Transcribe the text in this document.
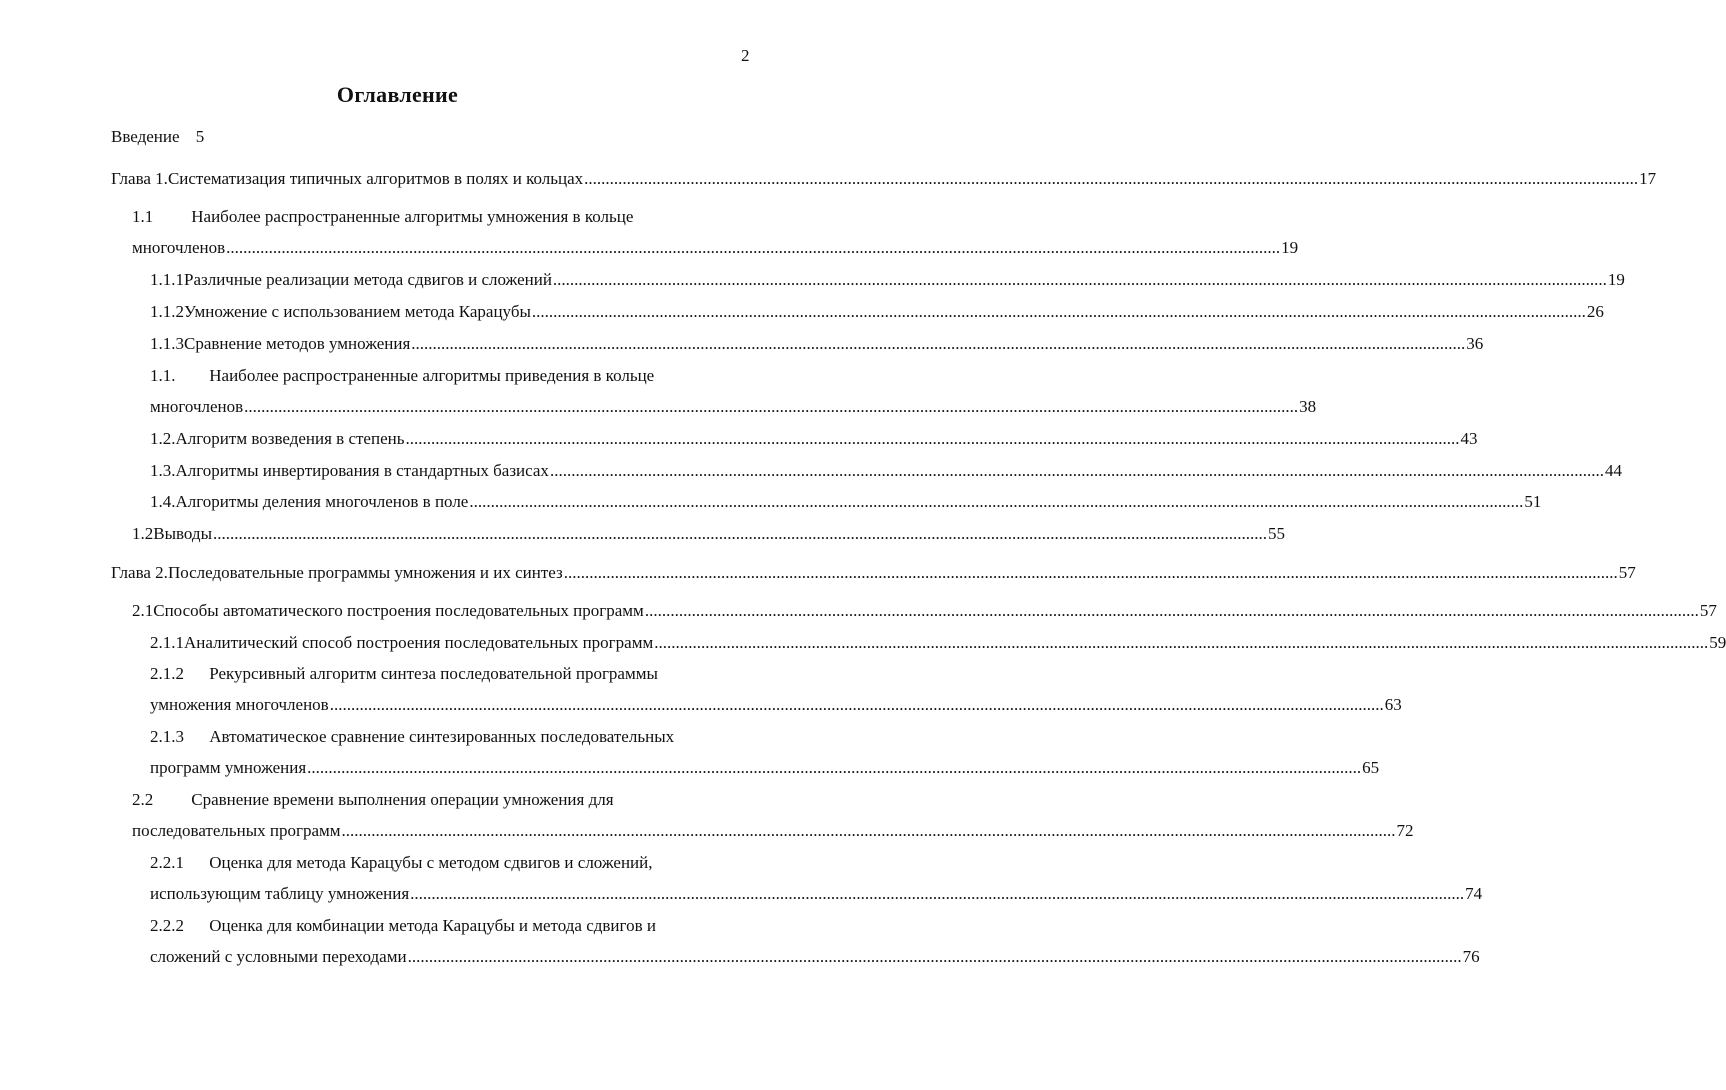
2
Оглавление
Введение 5
Глава 1. Систематизация типичных алгоритмов в полях и кольцах .....	17
1.1 Наиболее распространенные алгоритмы умножения в кольце
многочленов .....	19
1.1.1 Различные реализации метода сдвигов и сложений .....	19
1.1.2 Умножение с использованием метода Карацубы .....	26
1.1.3 Сравнение методов умножения .....	36
1.1. Наиболее распространенные алгоритмы приведения в кольце
многочленов .....	38
1.2. Алгоритм возведения в степень .....	43
1.3. Алгоритмы инвертирования в стандартных базисах .....	44
1.4. Алгоритмы деления многочленов в поле .....	51
1.2 Выводы .....	55
Глава 2. Последовательные программы умножения и их синтез .....	57
2.1 Способы автоматического построения последовательных программ .....	57
2.1.1 Аналитический способ построения последовательных программ .....	59
2.1.2 Рекурсивный алгоритм синтеза последовательной программы
умножения многочленов .....	63
2.1.3 Автоматическое сравнение синтезированных последовательных
программ умножения .....	65
2.2 Сравнение времени выполнения операции умножения для
последовательных программ .....	72
2.2.1 Оценка для метода Карацубы с методом сдвигов и сложений,
использующим таблицу умножения .....	74
2.2.2 Оценка для комбинации метода Карацубы и метода сдвигов и
сложений с условными переходами .....	76
